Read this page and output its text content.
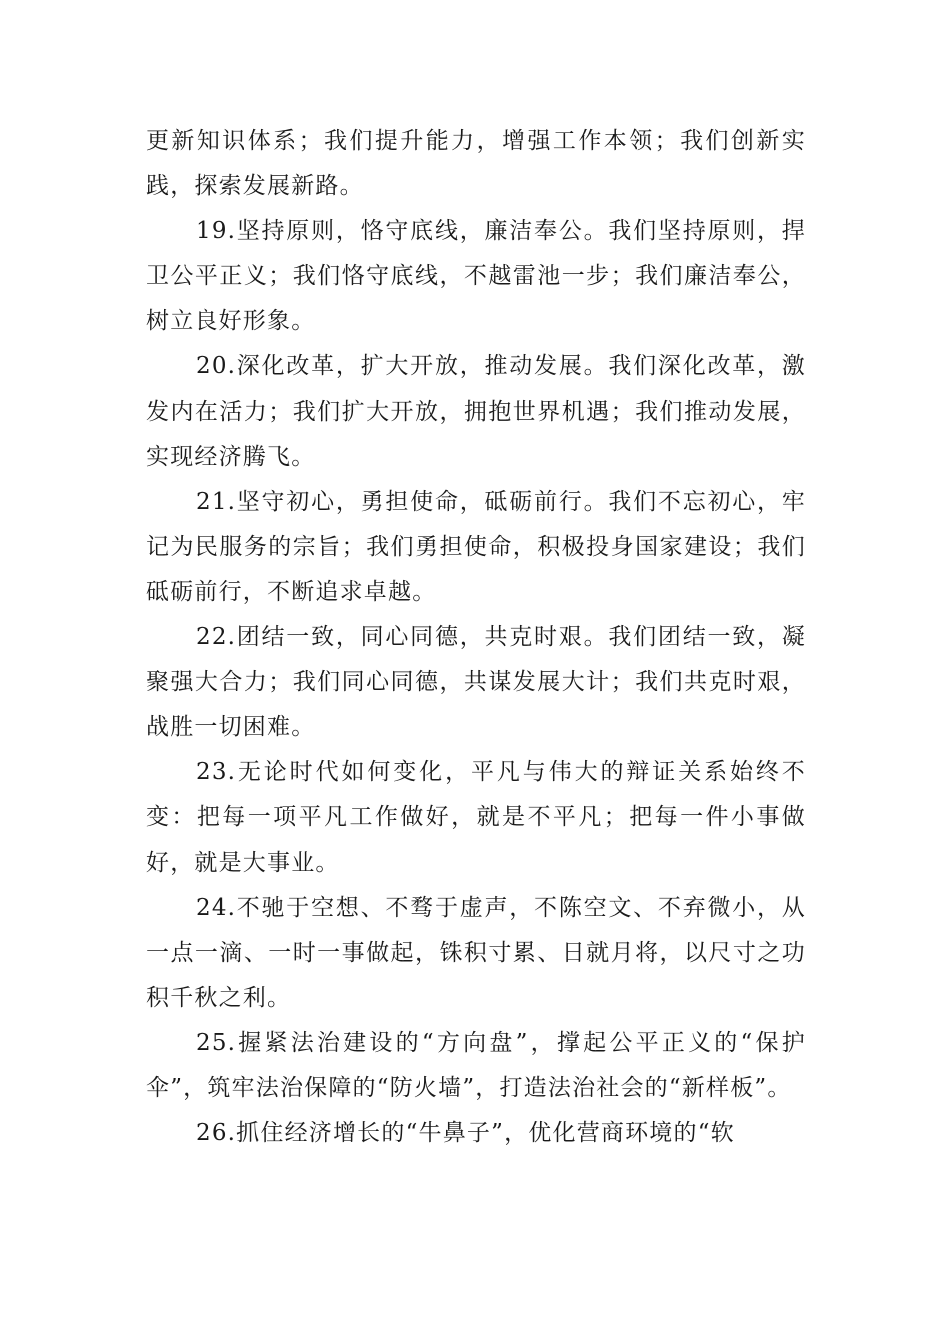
更新知识体系；我们提升能力，增强工作本领；我们创新实践，探索发展新路。

19.坚持原则，恪守底线，廉洁奉公。我们坚持原则，捍卫公平正义；我们恪守底线，不越雷池一步；我们廉洁奉公，树立良好形象。

20.深化改革，扩大开放，推动发展。我们深化改革，激发内在活力；我们扩大开放，拥抱世界机遇；我们推动发展，实现经济腾飞。

21.坚守初心，勇担使命，砥砺前行。我们不忘初心，牢记为民服务的宗旨；我们勇担使命，积极投身国家建设；我们砥砺前行，不断追求卓越。

22.团结一致，同心同德，共克时艰。我们团结一致，凝聚强大合力；我们同心同德，共谋发展大计；我们共克时艰，战胜一切困难。

23.无论时代如何变化，平凡与伟大的辩证关系始终不变：把每一项平凡工作做好，就是不平凡；把每一件小事做好，就是大事业。

24.不驰于空想、不骛于虚声，不陈空文、不弃微小，从一点一滴、一时一事做起，铢积寸累、日就月将，以尺寸之功积千秋之利。

25.握紧法治建设的“方向盘”，撑起公平正义的“保护伞”，筑牢法治保障的“防火墙”，打造法治社会的“新样板”。

26.抓住经济增长的“牛鼻子”，优化营商环境的“软
